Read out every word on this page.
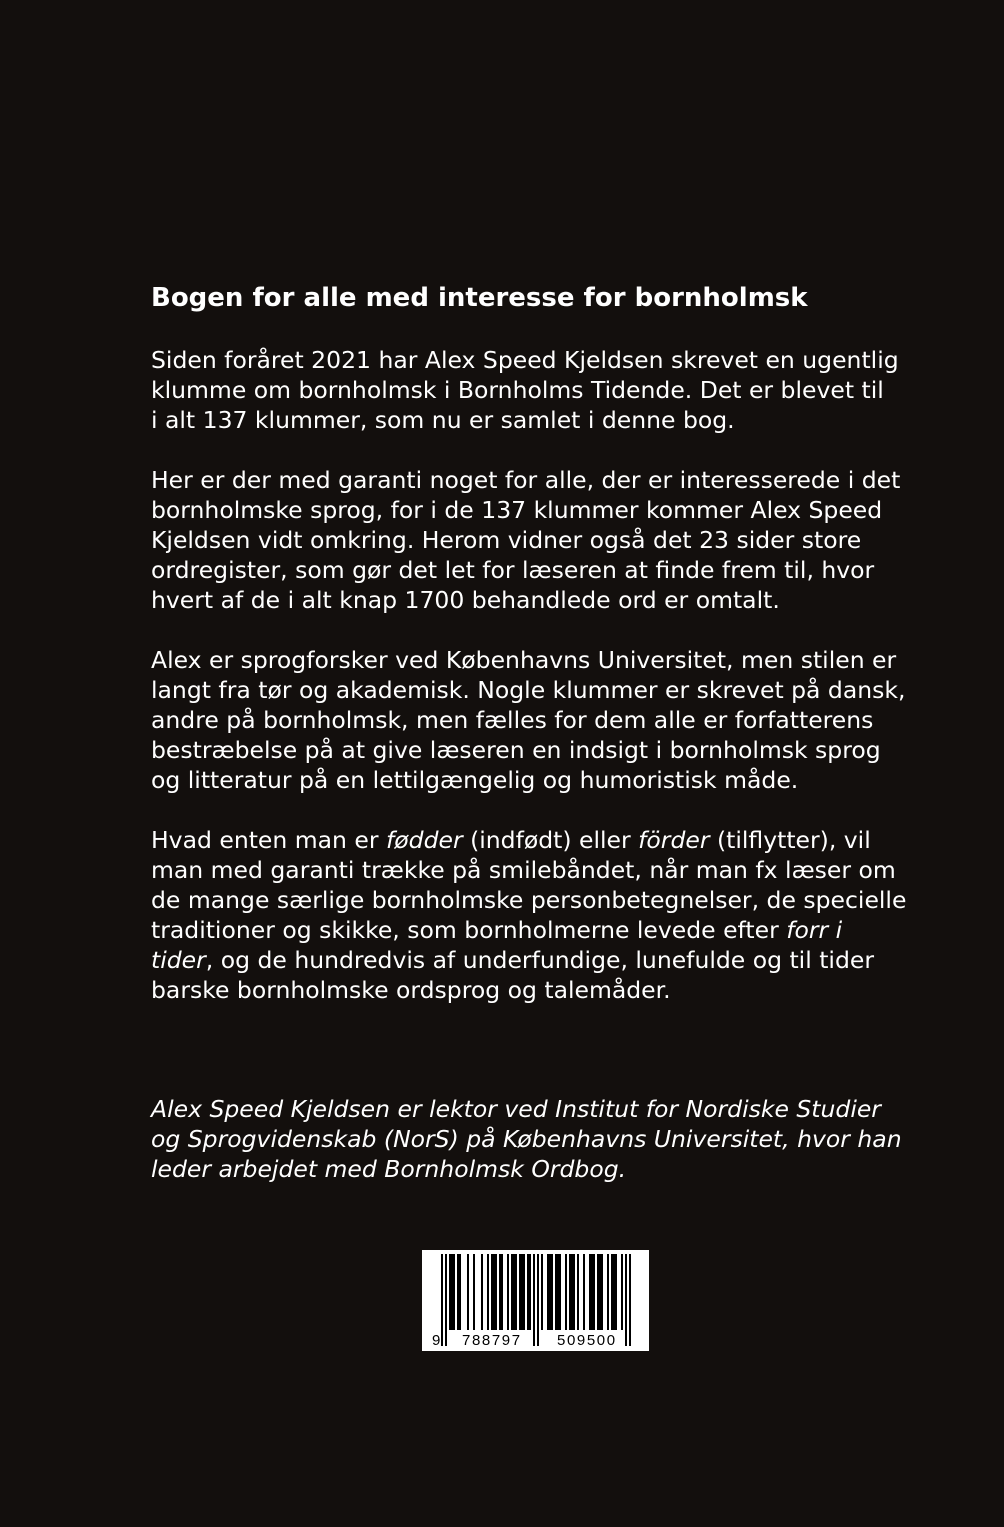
Bogen for alle med interesse for bornholmsk

Siden foråret 2021 har Alex Speed Kjeldsen skrevet en ugentlig
klumme om bornholmsk i Bornholms Tidende. Det er blevet til
i alt 137 klummer, som nu er samlet i denne bog.

Her er der med garanti noget for alle, der er interesserede i det
bornholmske sprog, for i de 137 klummer kommer Alex Speed
Kjeldsen vidt omkring. Herom vidner også det 23 sider store
ordregister, som gør det let for læseren at finde frem til, hvor
hvert af de i alt knap 1700 behandlede ord er omtalt.

Alex er sprogforsker ved Københavns Universitet, men stilen er
langt fra tør og akademisk. Nogle klummer er skrevet på dansk,
andre på bornholmsk, men fælles for dem alle er forfatterens
bestræbelse på at give læseren en indsigt i bornholmsk sprog
og litteratur på en lettilgængelig og humoristisk måde.

Hvad enten man er fødder (indfødt) eller förder (tilflytter), vil
man med garanti trække på smilebåndet, når man fx læser om
de mange særlige bornholmske personbetegnelser, de specielle
traditioner og skikke, som bornholmerne levede efter forr i
tider, og de hundredvis af underfundige, lunefulde og til tider
barske bornholmske ordsprog og talemåder.

Alex Speed Kjeldsen er lektor ved Institut for Nordiske Studier
og Sprogvidenskab (NorS) på Københavns Universitet, hvor han
leder arbejdet med Bornholmsk Ordbog.
9 788797 509500
